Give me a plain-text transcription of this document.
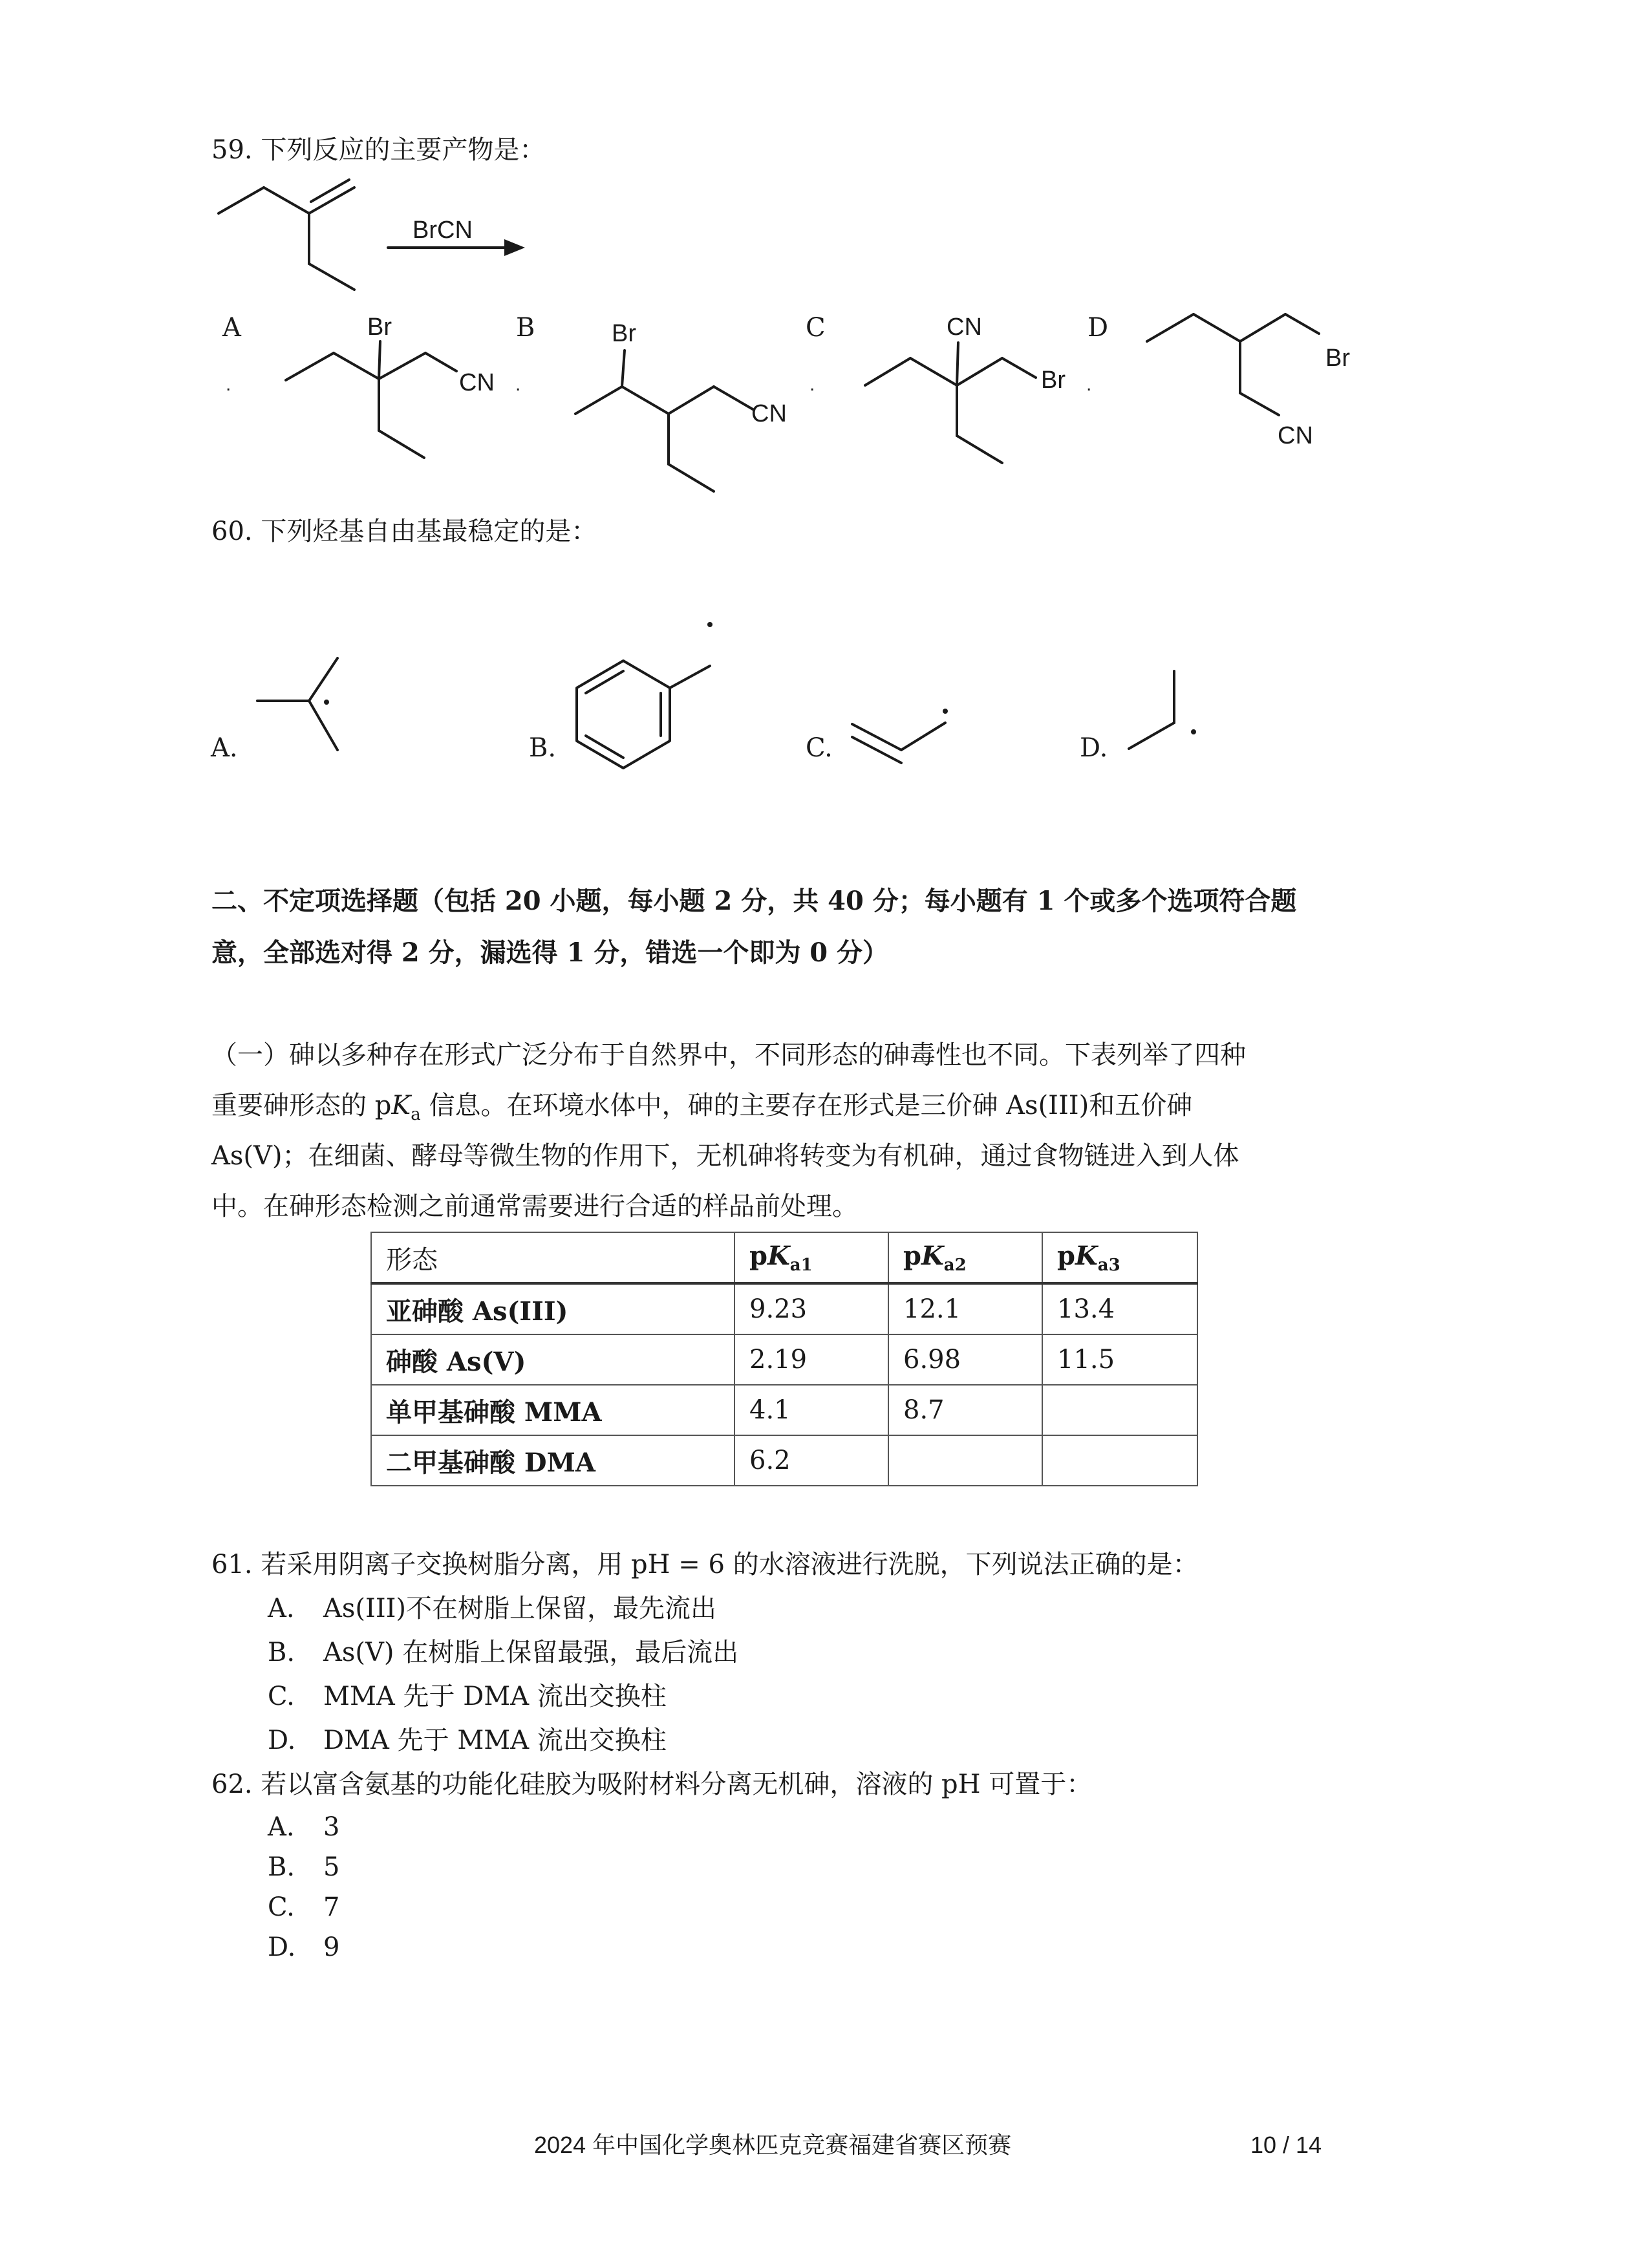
59. 下列反应的主要产物是：
BrCN
A
.
Br
CN .
B	Br
CN
C
.
CN
Br .
D
Br
CN
60. 下列烃基自由基最稳定的是：
A.	B.	C.	D.
二、不定项选择题（包括 20 小题，每小题 2 分，共 40 分；每小题有 1 个或多个选项符合题
意，全部选对得 2 分，漏选得 1 分，错选一个即为 0 分）
（一）砷以多种存在形式广泛分布于自然界中，不同形态的砷毒性也不同。下表列举了四种
重要砷形态的 $pK_a$ 信息。在环境水体中，砷的主要存在形式是三价砷 As(III)和五价砷
As(V)；在细菌、酵母等微生物的作用下，无机砷将转变为有机砷，通过食物链进入到人体
中。在砷形态检测之前通常需要进行合适的样品前处理。
形态	$pK_{a1}$	$pK_{a2}$	$pK_{a3}$
亚砷酸 As(III)	9.23	12.1	13.4
砷酸 As(V)	2.19	6.98	11.5
单甲基砷酸 MMA	4.1	8.7	
二甲基砷酸 DMA	6.2		
61. 若采用阴离子交换树脂分离，用 pH = 6 的水溶液进行洗脱，下列说法正确的是：
A. As(III)不在树脂上保留，最先流出
B. As(V) 在树脂上保留最强，最后流出
C. MMA 先于 DMA 流出交换柱
D. DMA 先于 MMA 流出交换柱
62. 若以富含氨基的功能化硅胶为吸附材料分离无机砷，溶液的 pH 可置于：
A. 3
B. 5
C. 7
D. 9
2024 年中国化学奥林匹克竞赛福建省赛区预赛	10 / 14
